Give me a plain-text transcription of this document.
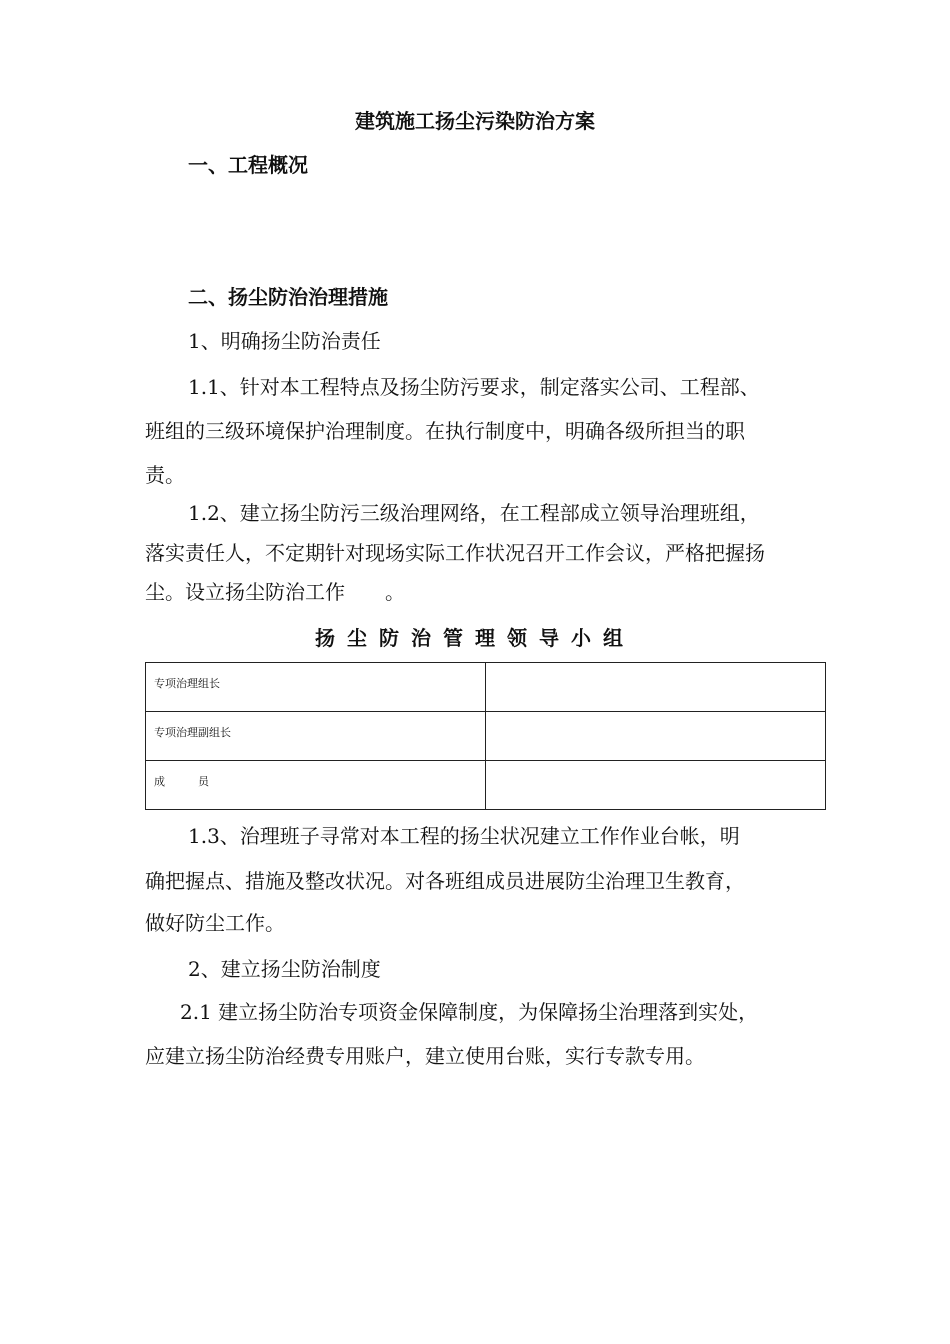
建筑施工扬尘污染防治方案
一、工程概况
二、扬尘防治治理措施
1、明确扬尘防治责任
1.1、针对本工程特点及扬尘防污要求，制定落实公司、工程部、
班组的三级环境保护治理制度。在执行制度中，明确各级所担当的职
责。
1.2、建立扬尘防污三级治理网络，在工程部成立领导治理班组，
落实责任人，不定期针对现场实际工作状况召开工作会议，严格把握扬
尘。设立扬尘防治工作　　。
扬尘防治管理领导小组
专项治理组长	
专项治理副组长	
成　　　员	
1.3、治理班子寻常对本工程的扬尘状况建立工作作业台帐，明
确把握点、措施及整改状况。对各班组成员进展防尘治理卫生教育，
做好防尘工作。
2、建立扬尘防治制度
2.1 建立扬尘防治专项资金保障制度，为保障扬尘治理落到实处，
应建立扬尘防治经费专用账户，建立使用台账，实行专款专用。
